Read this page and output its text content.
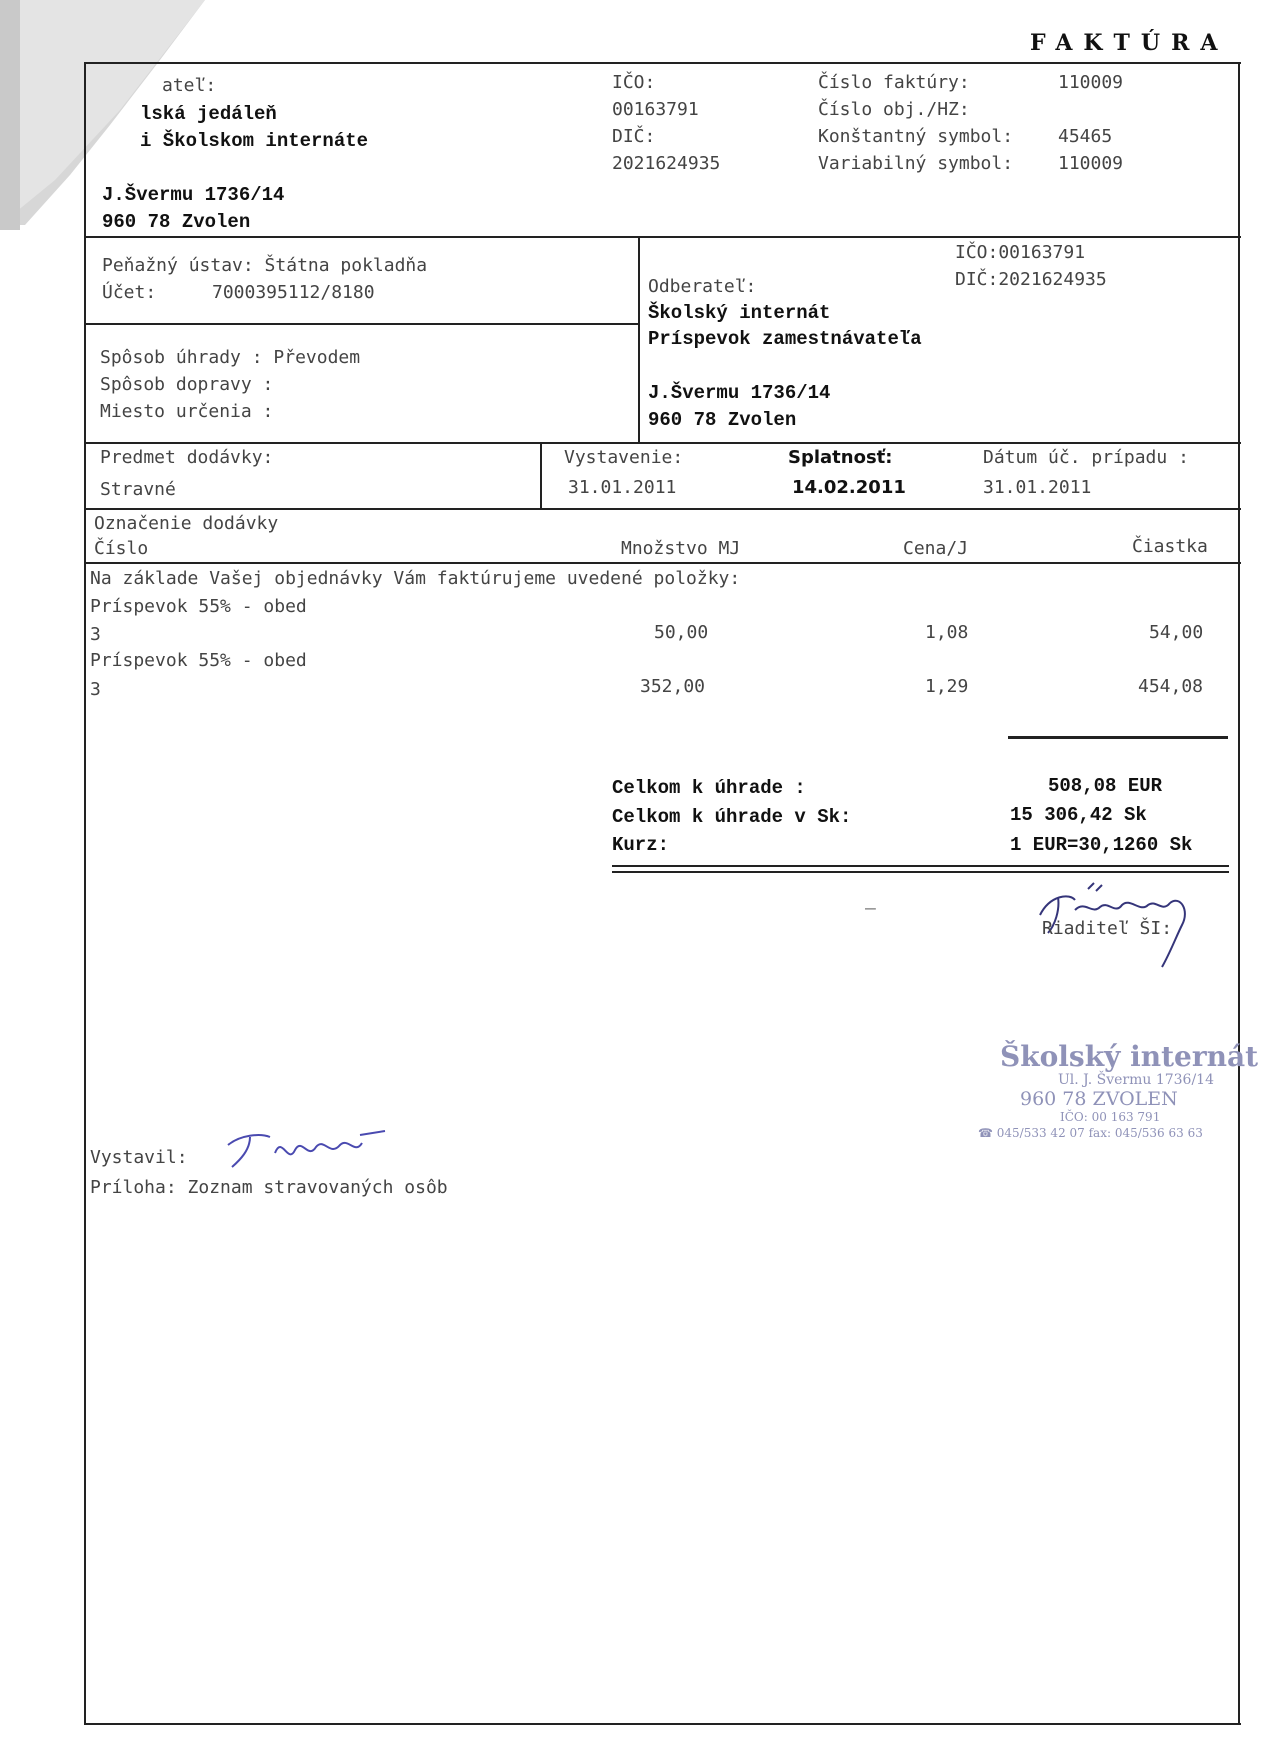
FAKTÚRA
ateľ:
lská jedáleň
i Školskom internáte
J.Švermu 1736/14
960 78 Zvolen
IČO:
00163791
DIČ:
2021624935
Číslo faktúry:	110009
Číslo obj./HZ:
Konštantný symbol: 45465
Variabilný symbol: 110009
Peňažný ústav: Štátna pokladňa
Účet:	7000395112/8180
Spôsob úhrady : Převodem
Spôsob dopravy :
Miesto určenia :
IČO:00163791
DIČ:2021624935
Odberateľ:
Školský internát
Príspevok zamestnávateľa
J.Švermu 1736/14
960 78 Zvolen
Predmet dodávky:
Stravné
Vystavenie:
31.01.2011
Splatnosť:
14.02.2011
Dátum úč. prípadu :
31.01.2011
Označenie dodávky
Číslo	Množstvo MJ	Cena/J	Čiastka
Na základe Vašej objednávky Vám faktúrujeme uvedené položky:
Príspevok 55% - obed
3	50,00	1,08	54,00
Príspevok 55% - obed
3	352,00	1,29	454,08
Celkom k úhrade :	508,08 EUR
Celkom k úhrade v Sk:	15 306,42 Sk
Kurz:	1 EUR=30,1260 Sk
–
Riaditeľ ŠI:
Školský internát
Ul. J. Švermu 1736/14
960 78 ZVOLEN
IČO: 00 163 791
☎ 045/533 42 07 fax: 045/536 63 63
Vystavil:
Príloha: Zoznam stravovaných osôb
